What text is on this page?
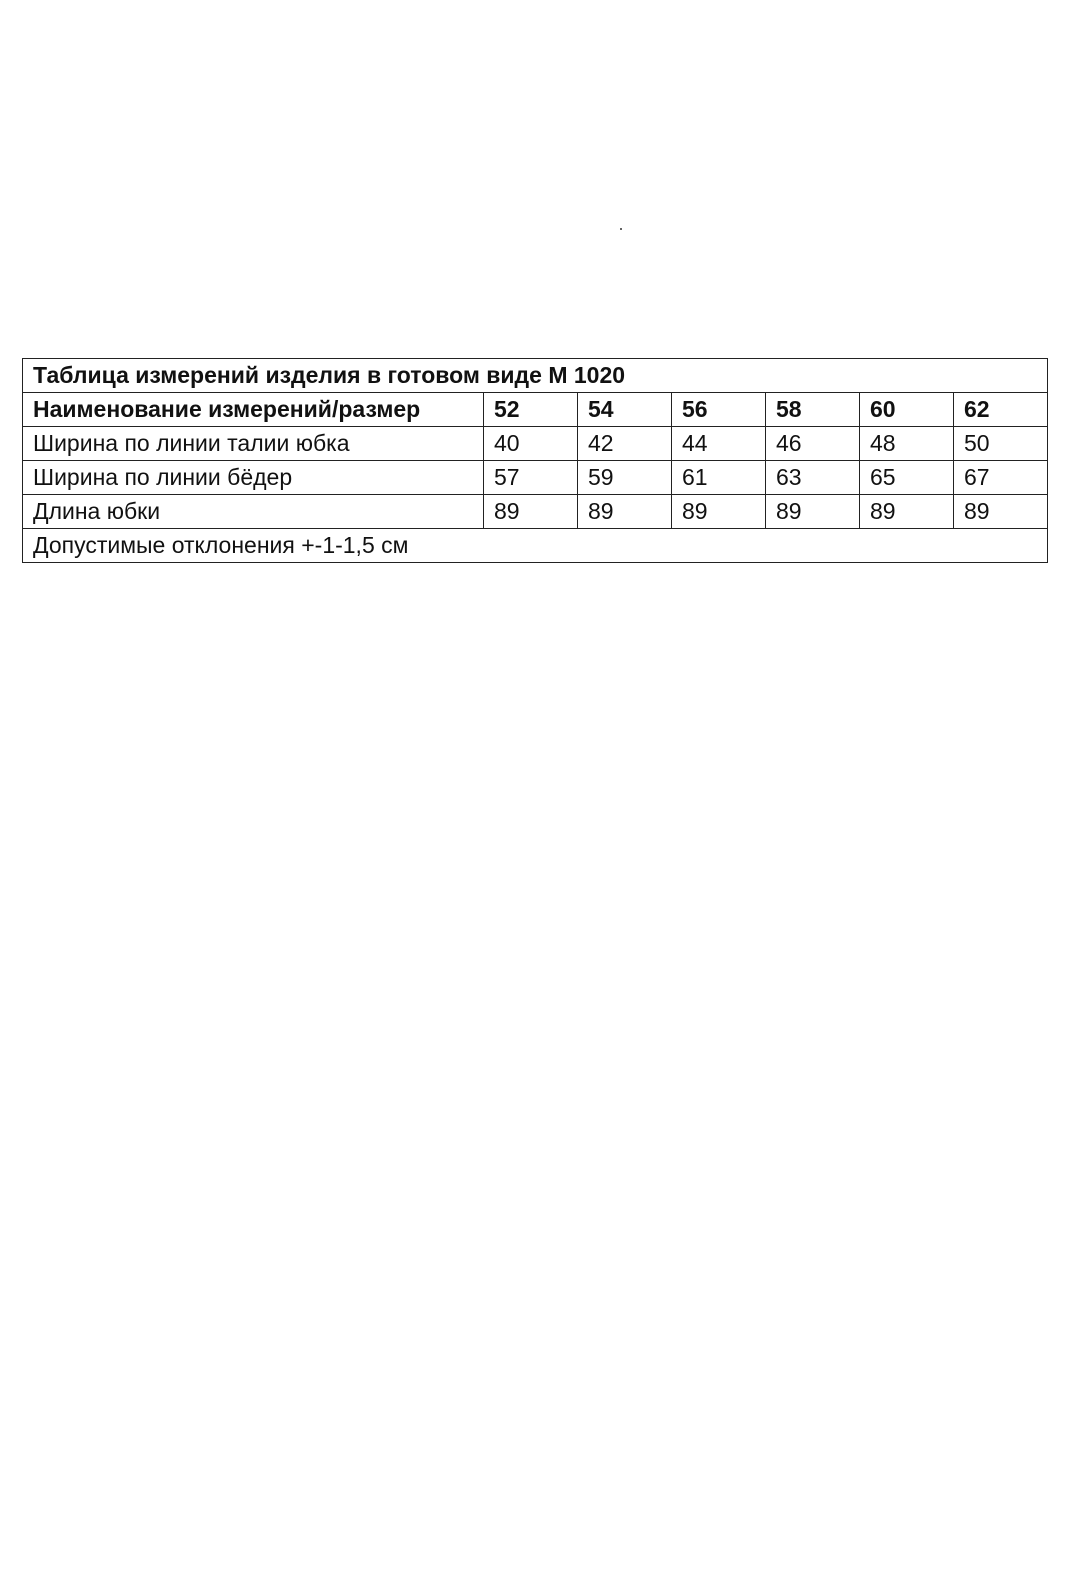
Таблица измерений изделия в готовом виде М 1020						
Наименование измерений/размер	52	54	56	58	60	62
Ширина по линии талии юбка	40	42	44	46	48	50
Ширина по линии бёдер	57	59	61	63	65	67
Длина юбки	89	89	89	89	89	89
Допустимые отклонения +-1-1,5 см						
